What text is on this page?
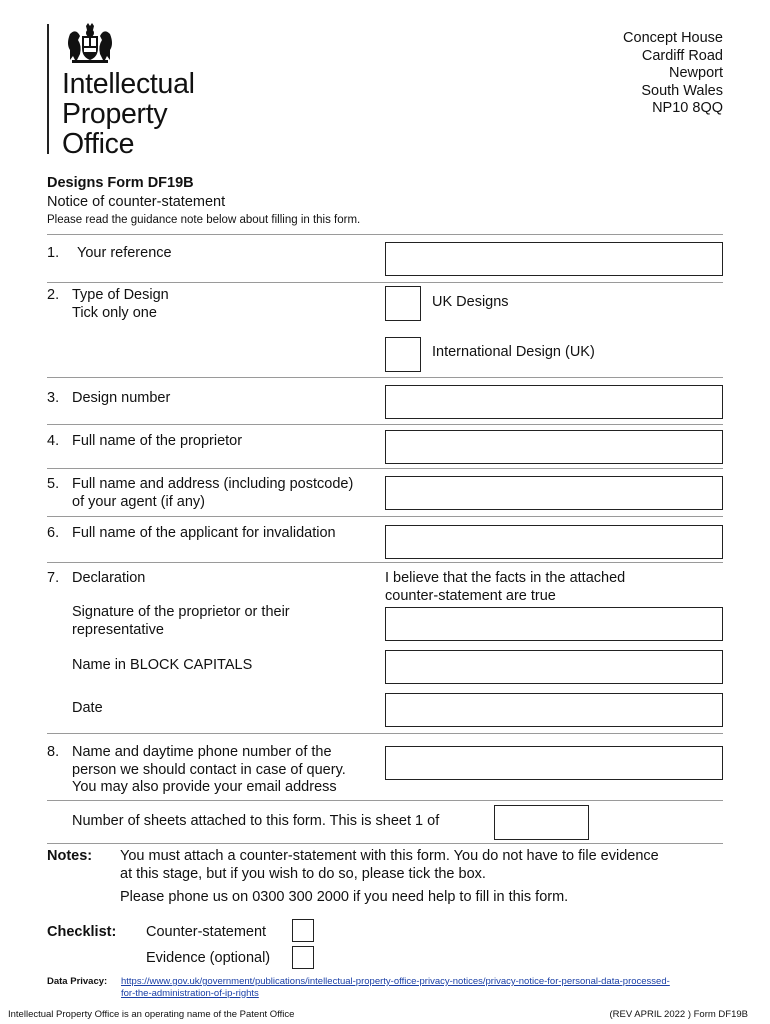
Intellectual
Property
Office
Concept House
Cardiff Road
Newport
South Wales
NP10 8QQ
Designs Form DF19B
Notice of counter-statement
Please read the guidance note below about filling in this form.
1. Your reference
2. Type of Design
Tick only one
UK Designs
International Design (UK)
3. Design number
4. Full name of the proprietor
5. Full name and address (including postcode)
of your agent (if any)
6. Full name of the applicant for invalidation
7. Declaration	I believe that the facts in the attached
counter-statement are true
Signature of the proprietor or their
representative
Name in BLOCK CAPITALS
Date
8. Name and daytime phone number of the
person we should contact in case of query.
You may also provide your email address
Number of sheets attached to this form. This is sheet 1 of
Notes: You must attach a counter-statement with this form. You do not have to file evidence
at this stage, but if you wish to do so, please tick the box.
Please phone us on 0300 300 2000 if you need help to fill in this form.
Checklist: Counter-statement
Evidence (optional)
Data Privacy: https://www.gov.uk/government/publications/intellectual-property-office-privacy-notices/privacy-notice-for-personal-data-processed-
for-the-administration-of-ip-rights
Intellectual Property Office is an operating name of the Patent Office	(REV APRIL 2022 ) Form DF19B
